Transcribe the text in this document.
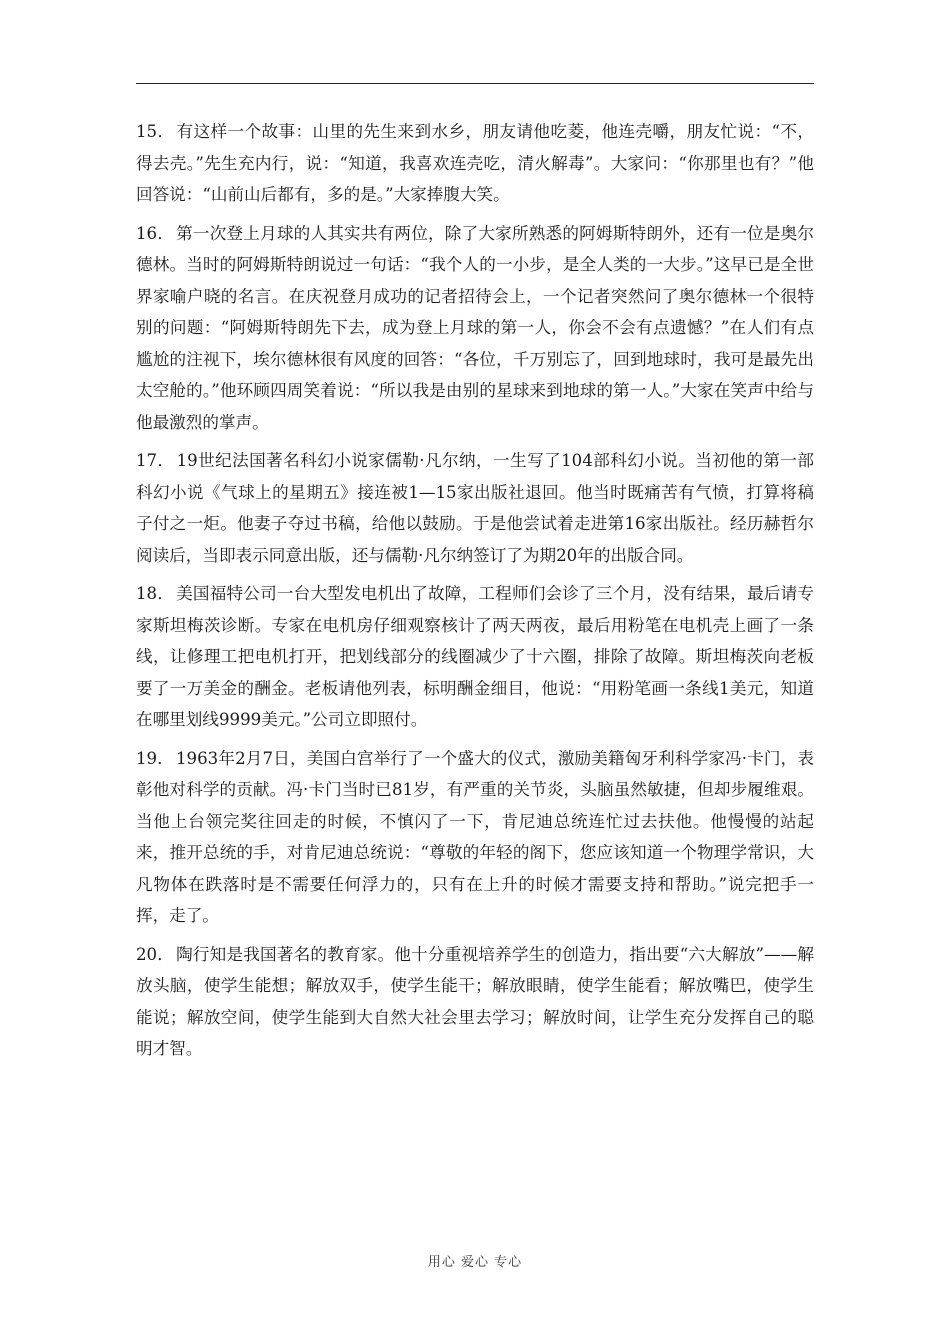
15． 有这样一个故事：山里的先生来到水乡，朋友请他吃菱，他连壳嚼，朋友忙说：“不，得去壳。”先生充内行，说：“知道，我喜欢连壳吃，清火解毒”。大家问：“你那里也有？”他回答说：“山前山后都有，多的是。”大家捧腹大笑。

16． 第一次登上月球的人其实共有两位，除了大家所熟悉的阿姆斯特朗外，还有一位是奥尔德林。当时的阿姆斯特朗说过一句话：“我个人的一小步，是全人类的一大步。”这早已是全世界家喻户晓的名言。在庆祝登月成功的记者招待会上，一个记者突然问了奥尔德林一个很特别的问题：“阿姆斯特朗先下去，成为登上月球的第一人，你会不会有点遗憾？”在人们有点尴尬的注视下，埃尔德林很有风度的回答：“各位，千万别忘了，回到地球时，我可是最先出太空舱的。”他环顾四周笑着说：“所以我是由别的星球来到地球的第一人。”大家在笑声中给与他最激烈的掌声。

17． 19世纪法国著名科幻小说家儒勒·凡尔纳，一生写了104部科幻小说。当初他的第一部科幻小说《气球上的星期五》接连被1—15家出版社退回。他当时既痛苦有气愤，打算将稿子付之一炬。他妻子夺过书稿，给他以鼓励。于是他尝试着走进第16家出版社。经历赫哲尔阅读后，当即表示同意出版，还与儒勒·凡尔纳签订了为期20年的出版合同。

18． 美国福特公司一台大型发电机出了故障，工程师们会诊了三个月，没有结果，最后请专家斯坦梅茨诊断。专家在电机房仔细观察核计了两天两夜，最后用粉笔在电机壳上画了一条线，让修理工把电机打开，把划线部分的线圈减少了十六圈，排除了故障。斯坦梅茨向老板要了一万美金的酬金。老板请他列表，标明酬金细目，他说：“用粉笔画一条线1美元，知道在哪里划线9999美元。”公司立即照付。

19． 1963年2月7日，美国白宫举行了一个盛大的仪式，激励美籍匈牙利科学家冯·卡门，表彰他对科学的贡献。冯·卡门当时已81岁，有严重的关节炎，头脑虽然敏捷，但却步履维艰。当他上台领完奖往回走的时候，不慎闪了一下，肯尼迪总统连忙过去扶他。他慢慢的站起来，推开总统的手，对肯尼迪总统说：“尊敬的年轻的阁下，您应该知道一个物理学常识，大凡物体在跌落时是不需要任何浮力的，只有在上升的时候才需要支持和帮助。”说完把手一挥，走了。

20． 陶行知是我国著名的教育家。他十分重视培养学生的创造力，指出要“六大解放”——解放头脑，使学生能想；解放双手，使学生能干；解放眼睛，使学生能看；解放嘴巴，使学生能说；解放空间，使学生能到大自然大社会里去学习；解放时间，让学生充分发挥自己的聪明才智。

用心 爱心 专心
